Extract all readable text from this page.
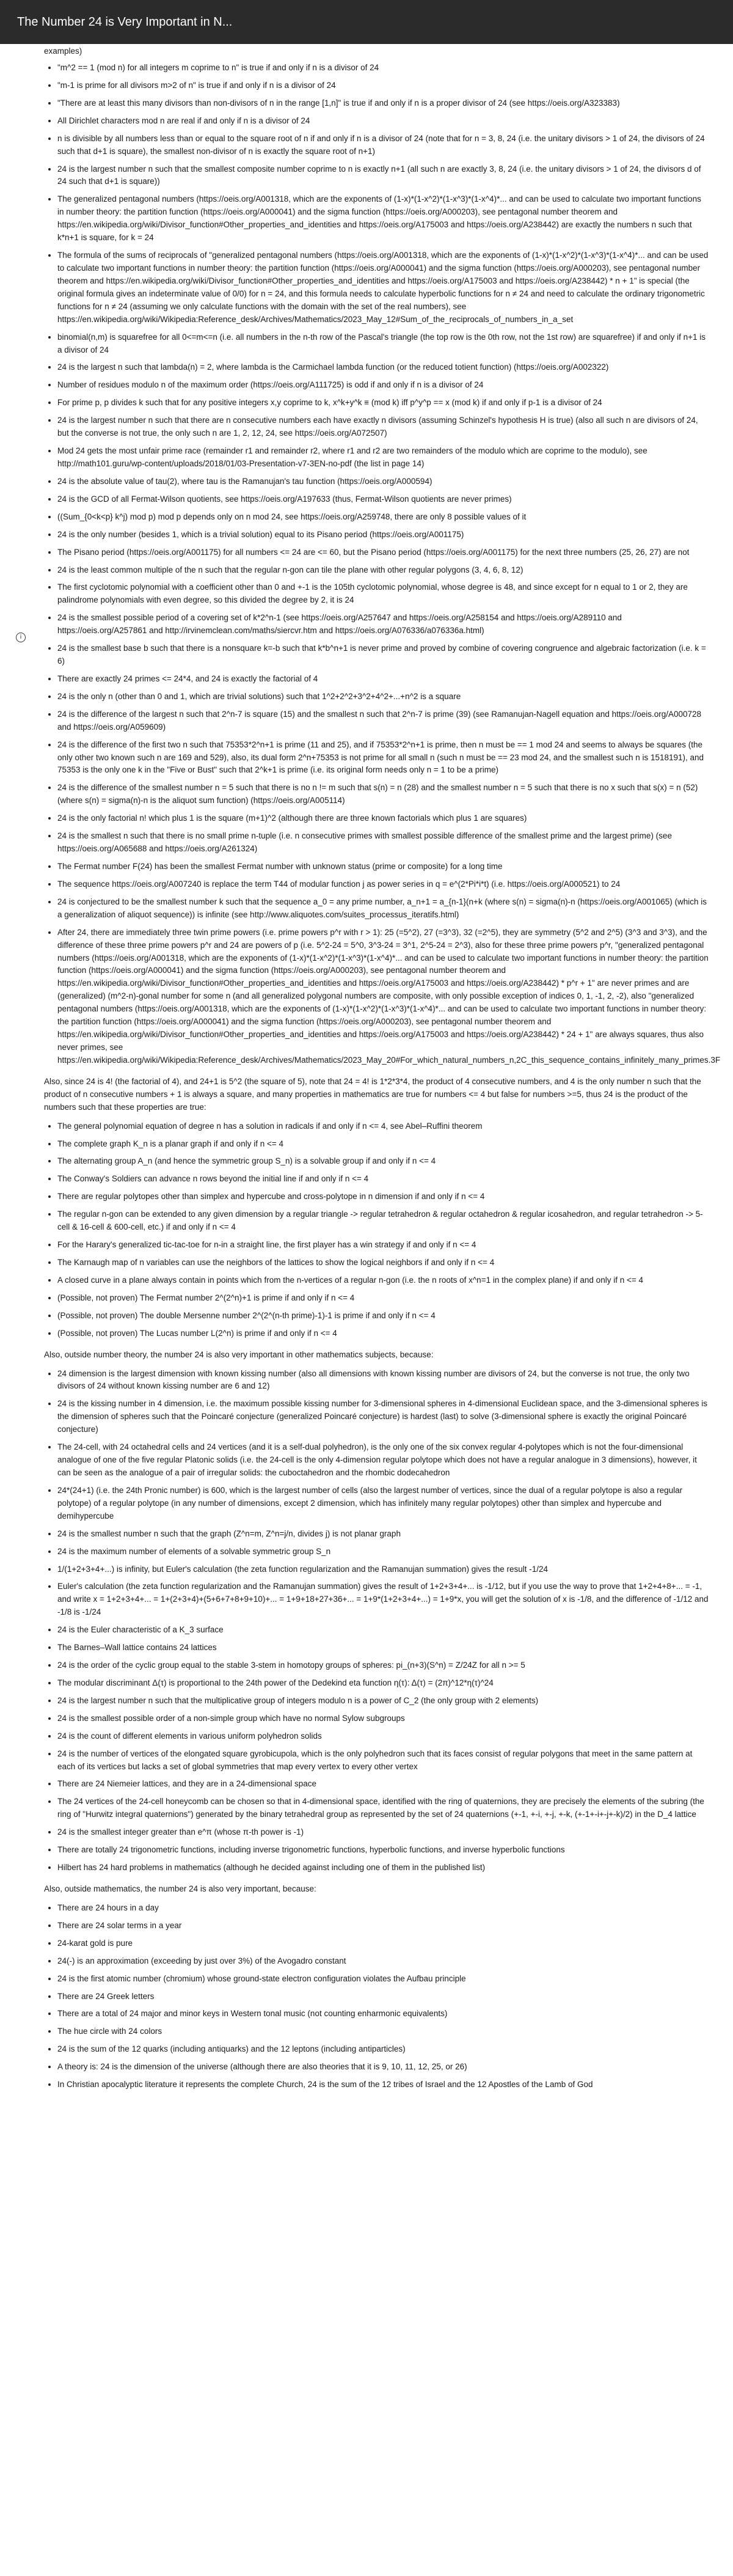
The Number 24 is Very Important in N...
i
examples)
• "m^2 == 1 (mod n) for all integers m coprime to n" is true if and only if n is a divisor of 24
• "m-1 is prime for all divisors m>2 of n" is true if and only if n is a divisor of 24
• "There are at least this many divisors than non-divisors of n in the range [1,n]" is true if and only if n is a proper divisor of 24 (see https://oeis.org/A323383)
• All Dirichlet characters mod n are real if and only if n is a divisor of 24
• n is divisible by all numbers less than or equal to the square root of n if and only if n is a divisor of 24 (note that for n = 3, 8, 24 (i.e. the unitary divisors > 1 of 24, the divisors of 24 such that d+1 is square), the smallest non-divisor of n is exactly the square root of n+1)
• 24 is the largest number n such that the smallest composite number coprime to n is exactly n+1 (all such n are exactly 3, 8, 24 (i.e. the unitary divisors > 1 of 24, the divisors d of 24 such that d+1 is square))
• The generalized pentagonal numbers (https://oeis.org/A001318, which are the exponents of (1-x)*(1-x^2)*(1-x^3)*(1-x^4)*... and can be used to calculate two important functions in number theory: the partition function (https://oeis.org/A000041) and the sigma function (https://oeis.org/A000203), see pentagonal number theorem and https://en.wikipedia.org/wiki/Divisor_function#Other_properties_and_identities and https://oeis.org/A175003 and https://oeis.org/A238442) are exactly the numbers n such that k*n+1 is square, for k = 24
• The formula of the sums of reciprocals of "generalized pentagonal numbers (https://oeis.org/A001318, which are the exponents of (1-x)*(1-x^2)*(1-x^3)*(1-x^4)*... and can be used to calculate two important functions in number theory: the partition function (https://oeis.org/A000041) and the sigma function (https://oeis.org/A000203), see pentagonal number theorem and https://en.wikipedia.org/wiki/Divisor_function#Other_properties_and_identities and https://oeis.org/A175003 and https://oeis.org/A238442) * n + 1" is special (the original formula gives an indeterminate value of 0/0) for n = 24, and this formula needs to calculate hyperbolic functions for n ≠ 24 and need to calculate the ordinary trigonometric functions for n ≠ 24 (assuming we only calculate functions with the domain with the set of the real numbers), see https://en.wikipedia.org/wiki/Wikipedia:Reference_desk/Archives/Mathematics/2023_May_12#Sum_of_the_reciprocals_of_numbers_in_a_set
• binomial(n,m) is squarefree for all 0<=m<=n (i.e. all numbers in the n-th row of the Pascal's triangle (the top row is the 0th row, not the 1st row) are squarefree) if and only if n+1 is a divisor of 24
• 24 is the largest n such that lambda(n) = 2, where lambda is the Carmichael lambda function (or the reduced totient function) (https://oeis.org/A002322)
• Number of residues modulo n of the maximum order (https://oeis.org/A111725) is odd if and only if n is a divisor of 24
• For prime p, p divides k such that for any positive integers x,y coprime to k, x^k+y^k ≡ (mod k) iff p^y^p == x (mod k) if and only if p-1 is a divisor of 24
• 24 is the largest number n such that there are n consecutive numbers each have exactly n divisors (assuming Schinzel's hypothesis H is true) (also all such n are divisors of 24, but the converse is not true, the only such n are 1, 2, 12, 24, see https://oeis.org/A072507)
• Mod 24 gets the most unfair prime race (remainder r1 and remainder r2, where r1 and r2 are two remainders of the modulo which are coprime to the modulo), see http://math101.guru/wp-content/uploads/2018/01/03-Presentation-v7-3EN-no-pdf (the list in page 14)
• 24 is the absolute value of tau(2), where tau is the Ramanujan's tau function (https://oeis.org/A000594)
• 24 is the GCD of all Fermat-Wilson quotients, see https://oeis.org/A197633 (thus, Fermat-Wilson quotients are never primes)
• ((Sum_{0<k<p} k^j) mod p) mod p depends only on n mod 24, see https://oeis.org/A259748, there are only 8 possible values of it
• 24 is the only number (besides 1, which is a trivial solution) equal to its Pisano period (https://oeis.org/A001175)
• The Pisano period (https://oeis.org/A001175) for all numbers <= 24 are <= 60, but the Pisano period (https://oeis.org/A001175) for the next three numbers (25, 26, 27) are not
• 24 is the least common multiple of the n such that the regular n-gon can tile the plane with other regular polygons (3, 4, 6, 8, 12)
• The first cyclotomic polynomial with a coefficient other than 0 and +-1 is the 105th cyclotomic polynomial, whose degree is 48, and since except for n equal to 1 or 2, they are palindrome polynomials with even degree, so this divided the degree by 2, it is 24
• 24 is the smallest possible period of a covering set of k*2^n-1 (see https://oeis.org/A257647 and https://oeis.org/A258154 and https://oeis.org/A289110 and https://oeis.org/A257861 and http://irvinemclean.com/maths/siercvr.htm and https://oeis.org/A076336/a076336a.html)
• 24 is the smallest base b such that there is a nonsquare k=-b such that k*b^n+1 is never prime and proved by combine of covering congruence and algebraic factorization (i.e. k = 6)
• There are exactly 24 primes <= 24*4, and 24 is exactly the factorial of 4
• 24 is the only n (other than 0 and 1, which are trivial solutions) such that 1^2+2^2+3^2+4^2+...+n^2 is a square
• 24 is the difference of the largest n such that 2^n-7 is square (15) and the smallest n such that 2^n-7 is prime (39) (see Ramanujan-Nagell equation and https://oeis.org/A000728 and https://oeis.org/A059609)
• 24 is the difference of the first two n such that 75353*2^n+1 is prime (11 and 25), and if 75353*2^n+1 is prime, then n must be == 1 mod 24 and seems to always be squares (the only other two known such n are 169 and 529), also, its dual form 2^n+75353 is not prime for all small n (such n must be == 23 mod 24, and the smallest such n is 1518191), and 75353 is the only one k in the "Five or Bust" such that 2^k+1 is prime (i.e. its original form needs only n = 1 to be a prime)
• 24 is the difference of the smallest number n = 5 such that there is no n != m such that s(n) = n (28) and the smallest number n = 5 such that there is no x such that s(x) = n (52) (where s(n) = sigma(n)-n is the aliquot sum function) (https://oeis.org/A005114)
• 24 is the only factorial n! which plus 1 is the square (m+1)^2 (although there are three known factorials which plus 1 are squares)
• 24 is the smallest n such that there is no small prime n-tuple (i.e. n consecutive primes with smallest possible difference of the smallest prime and the largest prime) (see https://oeis.org/A065688 and https://oeis.org/A261324)
• The Fermat number F(24) has been the smallest Fermat number with unknown status (prime or composite) for a long time
• The sequence https://oeis.org/A007240 is replace the term T44 of modular function j as power series in q = e^(2*Pi*i*t) (i.e. https://oeis.org/A000521) to 24
• 24 is conjectured to be the smallest number k such that the sequence a_0 = any prime number, a_n+1 = a_{n-1}(n+k (where s(n) = sigma(n)-n (https://oeis.org/A001065) (which is a generalization of aliquot sequence)) is infinite (see http://www.aliquotes.com/suites_processus_iteratifs.html)
• After 24, there are immediately three twin prime powers (i.e. prime powers p^r with r > 1): 25 (=5^2), 27 (=3^3), 32 (=2^5), they are symmetry (5^2 and 2^5) (3^3 and 3^3), and the difference of these three prime powers p^r and 24 are powers of p (i.e. 5^2-24 = 5^0, 3^3-24 = 3^1, 2^5-24 = 2^3), also for these three prime powers p^r, "generalized pentagonal numbers (https://oeis.org/A001318, which are the exponents of (1-x)*(1-x^2)*(1-x^3)*(1-x^4)*... and can be used to calculate two important functions in number theory: the partition function (https://oeis.org/A000041) and the sigma function (https://oeis.org/A000203), see pentagonal number theorem and https://en.wikipedia.org/wiki/Divisor_function#Other_properties_and_identities and https://oeis.org/A175003 and https://oeis.org/A238442) * p^r + 1" are never primes and are (generalized) (m^2-n)-gonal number for some n (and all generalized polygonal numbers are composite, with only possible exception of indices 0, 1, -1, 2, -2), also "generalized pentagonal numbers (https://oeis.org/A001318, which are the exponents of (1-x)*(1-x^2)*(1-x^3)*(1-x^4)*... and can be used to calculate two important functions in number theory: the partition function (https://oeis.org/A000041) and the sigma function (https://oeis.org/A000203), see pentagonal number theorem and https://en.wikipedia.org/wiki/Divisor_function#Other_properties_and_identities and https://oeis.org/A175003 and https://oeis.org/A238442) * 24 + 1" are always squares, thus also never primes, see https://en.wikipedia.org/wiki/Wikipedia:Reference_desk/Archives/Mathematics/2023_May_20#For_which_natural_numbers_n,2C_this_sequence_contains_infinitely_many_primes.3F

Also, since 24 is 4! (the factorial of 4), and 24+1 is 5^2 (the square of 5), note that 24 = 4! is 1*2*3*4, the product of 4 consecutive numbers, and 4 is the only number n such that the product of n consecutive numbers + 1 is always a square, and many properties in mathematics are true for numbers <= 4 but false for numbers >=5, thus 24 is the product of the numbers such that these properties are true:

• The general polynomial equation of degree n has a solution in radicals if and only if n <= 4, see Abel–Ruffini theorem
• The complete graph K_n is a planar graph if and only if n <= 4
• The alternating group A_n (and hence the symmetric group S_n) is a solvable group if and only if n <= 4
• The Conway's Soldiers can advance n rows beyond the initial line if and only if n <= 4
• There are regular polytopes other than simplex and hypercube and cross-polytope in n dimension if and only if n <= 4
• The regular n-gon can be extended to any given dimension by a regular triangle -> regular tetrahedron & regular octahedron & regular icosahedron, and regular tetrahedron -> 5-cell & 16-cell & 600-cell, etc.) if and only if n <= 4
• For the Harary's generalized tic-tac-toe for n-in a straight line, the first player has a win strategy if and only if n <= 4
• The Karnaugh map of n variables can use the neighbors of the lattices to show the logical neighbors if and only if n <= 4
• A closed curve in a plane always contain in points which from the n-vertices of a regular n-gon (i.e. the n roots of x^n=1 in the complex plane) if and only if n <= 4
• (Possible, not proven) The Fermat number 2^(2^n)+1 is prime if and only if n <= 4
• (Possible, not proven) The double Mersenne number 2^(2^(n-th prime)-1)-1 is prime if and only if n <= 4
• (Possible, not proven) The Lucas number L(2^n) is prime if and only if n <= 4

Also, outside number theory, the number 24 is also very important in other mathematics subjects, because:

• 24 dimension is the largest dimension with known kissing number (also all dimensions with known kissing number are divisors of 24, but the converse is not true, the only two divisors of 24 without known kissing number are 6 and 12)
• 24 is the kissing number in 4 dimension, i.e. the maximum possible kissing number for 3-dimensional spheres in 4-dimensional Euclidean space, and the 3-dimensional spheres is the dimension of spheres such that the Poincaré conjecture (generalized Poincaré conjecture) is hardest (last) to solve (3-dimensional sphere is exactly the original Poincaré conjecture)
• The 24-cell, with 24 octahedral cells and 24 vertices (and it is a self-dual polyhedron), is the only one of the six convex regular 4-polytopes which is not the four-dimensional analogue of one of the five regular Platonic solids (i.e. the 24-cell is the only 4-dimension regular polytope which does not have a regular analogue in 3 dimensions), however, it can be seen as the analogue of a pair of irregular solids: the cuboctahedron and the rhombic dodecahedron
• 24*(24+1) (i.e. the 24th Pronic number) is 600, which is the largest number of cells (also the largest number of vertices, since the dual of a regular polytope is also a regular polytope) of a regular polytope (in any number of dimensions, except 2 dimension, which has infinitely many regular polytopes) other than simplex and hypercube and demihypercube
• 24 is the smallest number n such that the graph (Z^n=m, Z^n=j/n, divides j) is not planar graph
• 24 is the maximum number of elements of a solvable symmetric group S_n
• 1/(1+2+3+4+...) is infinity, but Euler's calculation (the zeta function regularization and the Ramanujan summation) gives the result -1/24
• Euler's calculation (the zeta function regularization and the Ramanujan summation) gives the result of 1+2+3+4+... is -1/12, but if you use the way to prove that 1+2+4+8+... = -1, and write x = 1+2+3+4+... = 1+(2+3+4)+(5+6+7+8+9+10)+... = 1+9+18+27+36+... = 1+9*(1+2+3+4+...) = 1+9*x, you will get the solution of x is -1/8, and the difference of -1/12 and -1/8 is -1/24
• 24 is the Euler characteristic of a K_3 surface
• The Barnes–Wall lattice contains 24 lattices
• 24 is the order of the cyclic group equal to the stable 3-stem in homotopy groups of spheres: pi_(n+3)(S^n) = Z/24Z for all n >= 5
• The modular discriminant Δ(τ) is proportional to the 24th power of the Dedekind eta function η(τ): Δ(τ) = (2π)^12*η(τ)^24
• 24 is the largest number n such that the multiplicative group of integers modulo n is a power of C_2 (the only group with 2 elements)
• 24 is the smallest possible order of a non-simple group which have no normal Sylow subgroups
• 24 is the count of different elements in various uniform polyhedron solids
• 24 is the number of vertices of the elongated square gyrobicupola, which is the only polyhedron such that its faces consist of regular polygons that meet in the same pattern at each of its vertices but lacks a set of global symmetries that map every vertex to every other vertex
• There are 24 Niemeier lattices, and they are in a 24-dimensional space
• The 24 vertices of the 24-cell honeycomb can be chosen so that in 4-dimensional space, identified with the ring of quaternions, they are precisely the elements of the subring (the ring of "Hurwitz integral quaternions") generated by the binary tetrahedral group as represented by the set of 24 quaternions (+-1, +-i, +-j, +-k, (+-1+-i+-j+-k)/2) in the D_4 lattice
• 24 is the smallest integer greater than e^π (whose π-th power is -1)
• There are totally 24 trigonometric functions, including inverse trigonometric functions, hyperbolic functions, and inverse hyperbolic functions
• Hilbert has 24 hard problems in mathematics (although he decided against including one of them in the published list)

Also, outside mathematics, the number 24 is also very important, because:

• There are 24 hours in a day
• There are 24 solar terms in a year
• 24-karat gold is pure
• 24(-) is an approximation (exceeding by just over 3%) of the Avogadro constant
• 24 is the first atomic number (chromium) whose ground-state electron configuration violates the Aufbau principle
• There are 24 Greek letters
• There are a total of 24 major and minor keys in Western tonal music (not counting enharmonic equivalents)
• The hue circle with 24 colors
• 24 is the sum of the 12 quarks (including antiquarks) and the 12 leptons (including antiparticles)
• A theory is: 24 is the dimension of the universe (although there are also theories that it is 9, 10, 11, 12, 25, or 26)
• In Christian apocalyptic literature it represents the complete Church, 24 is the sum of the 12 tribes of Israel and the 12 Apostles of the Lamb of God
